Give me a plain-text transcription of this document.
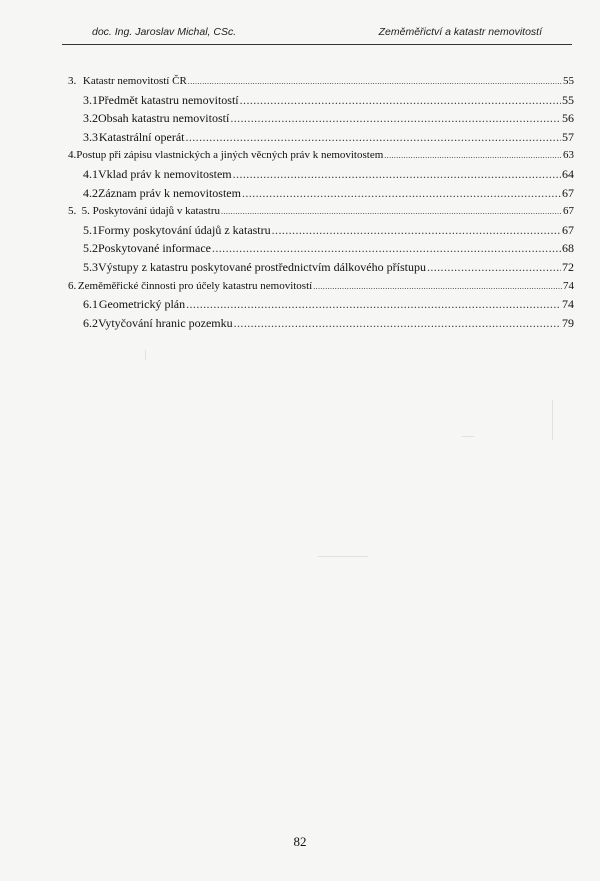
doc. Ing. Jaroslav Michal, CSc.	Zeměměřictví a katastr nemovitostí
3. Katastr nemovitostí ČR .....	55
3.1 Předmět katastru nemovitostí .....	55
3.2 Obsah katastru nemovitostí .....	56
3.3 Katastrální operát .....	57
4. Postup při zápisu vlastnických a jiných věcných práv k nemovitostem .....	63
4.1 Vklad práv k nemovitostem .....	64
4.2 Záznam práv k nemovitostem .....	67
5. 5. Poskytování údajů v katastru .....	67
5.1 Formy poskytování údajů z katastru .....	67
5.2 Poskytované informace .....	68
5.3 Výstupy z katastru poskytované prostřednictvím dálkového přístupu .....	72
6. Zeměměřické činnosti pro účely katastru nemovitostí .....	74
6.1 Geometrický plán .....	74
6.2 Vytyčování hranic pozemku .....	79
82
